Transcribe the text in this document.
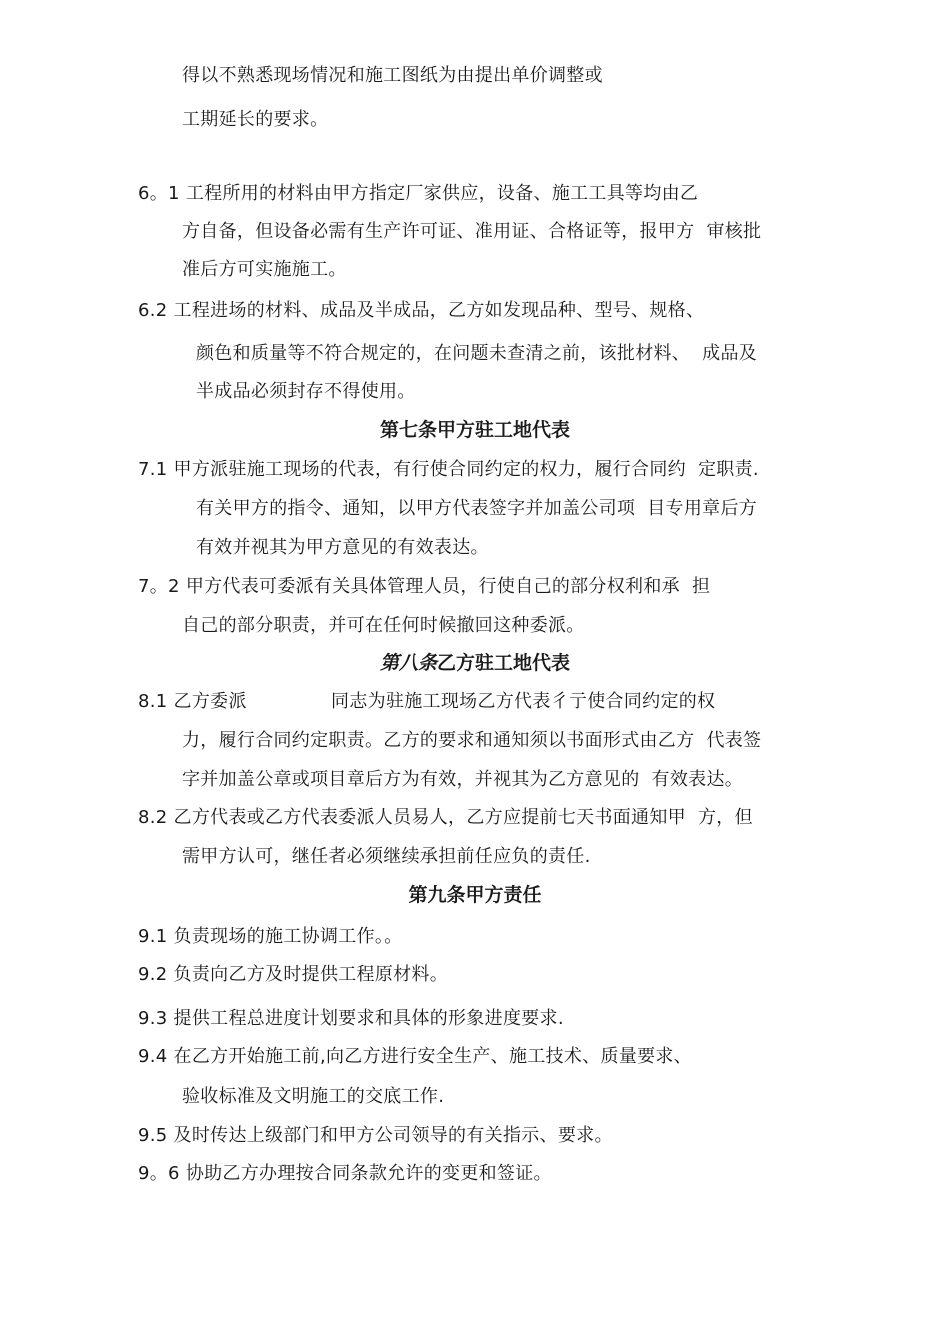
得以不熟悉现场情况和施工图纸为由提出单价调整或
工期延长的要求。
6。1 工程所用的材料由甲方指定厂家供应，设备、施工工具等均由乙
方自备，但设备必需有生产许可证、准用证、合格证等，报甲方  审核批
准后方可实施施工。
6.2 工程进场的材料、成品及半成品，乙方如发现品种、型号、规格、
颜色和质量等不符合规定的，在问题未查清之前，该批材料、  成品及
半成品必须封存不得使用。
第七条甲方驻工地代表
7.1 甲方派驻施工现场的代表，有行使合同约定的权力，履行合同约  定职责.
有关甲方的指令、通知，以甲方代表签字并加盖公司项  目专用章后方
有效并视其为甲方意见的有效表达。
7。2 甲方代表可委派有关具体管理人员，行使自己的部分权利和承  担
自己的部分职责，并可在任何时候撤回这种委派。
第八条乙方驻工地代表
8.1 乙方委派              同志为驻施工现场乙方代表彳亍使合同约定的权
力，履行合同约定职责。乙方的要求和通知须以书面形式由乙方  代表签
字并加盖公章或项目章后方为有效，并视其为乙方意见的  有效表达。
8.2 乙方代表或乙方代表委派人员易人，乙方应提前七天书面通知甲  方，但
需甲方认可，继任者必须继续承担前任应负的责任.
第九条甲方责任
9.1 负责现场的施工协调工作。。
9.2 负责向乙方及时提供工程原材料。
9.3 提供工程总进度计划要求和具体的形象进度要求.
9.4 在乙方开始施工前,向乙方进行安全生产、施工技术、质量要求、
验收标准及文明施工的交底工作.
9.5 及时传达上级部门和甲方公司领导的有关指示、要求。
9。6 协助乙方办理按合同条款允许的变更和签证。
